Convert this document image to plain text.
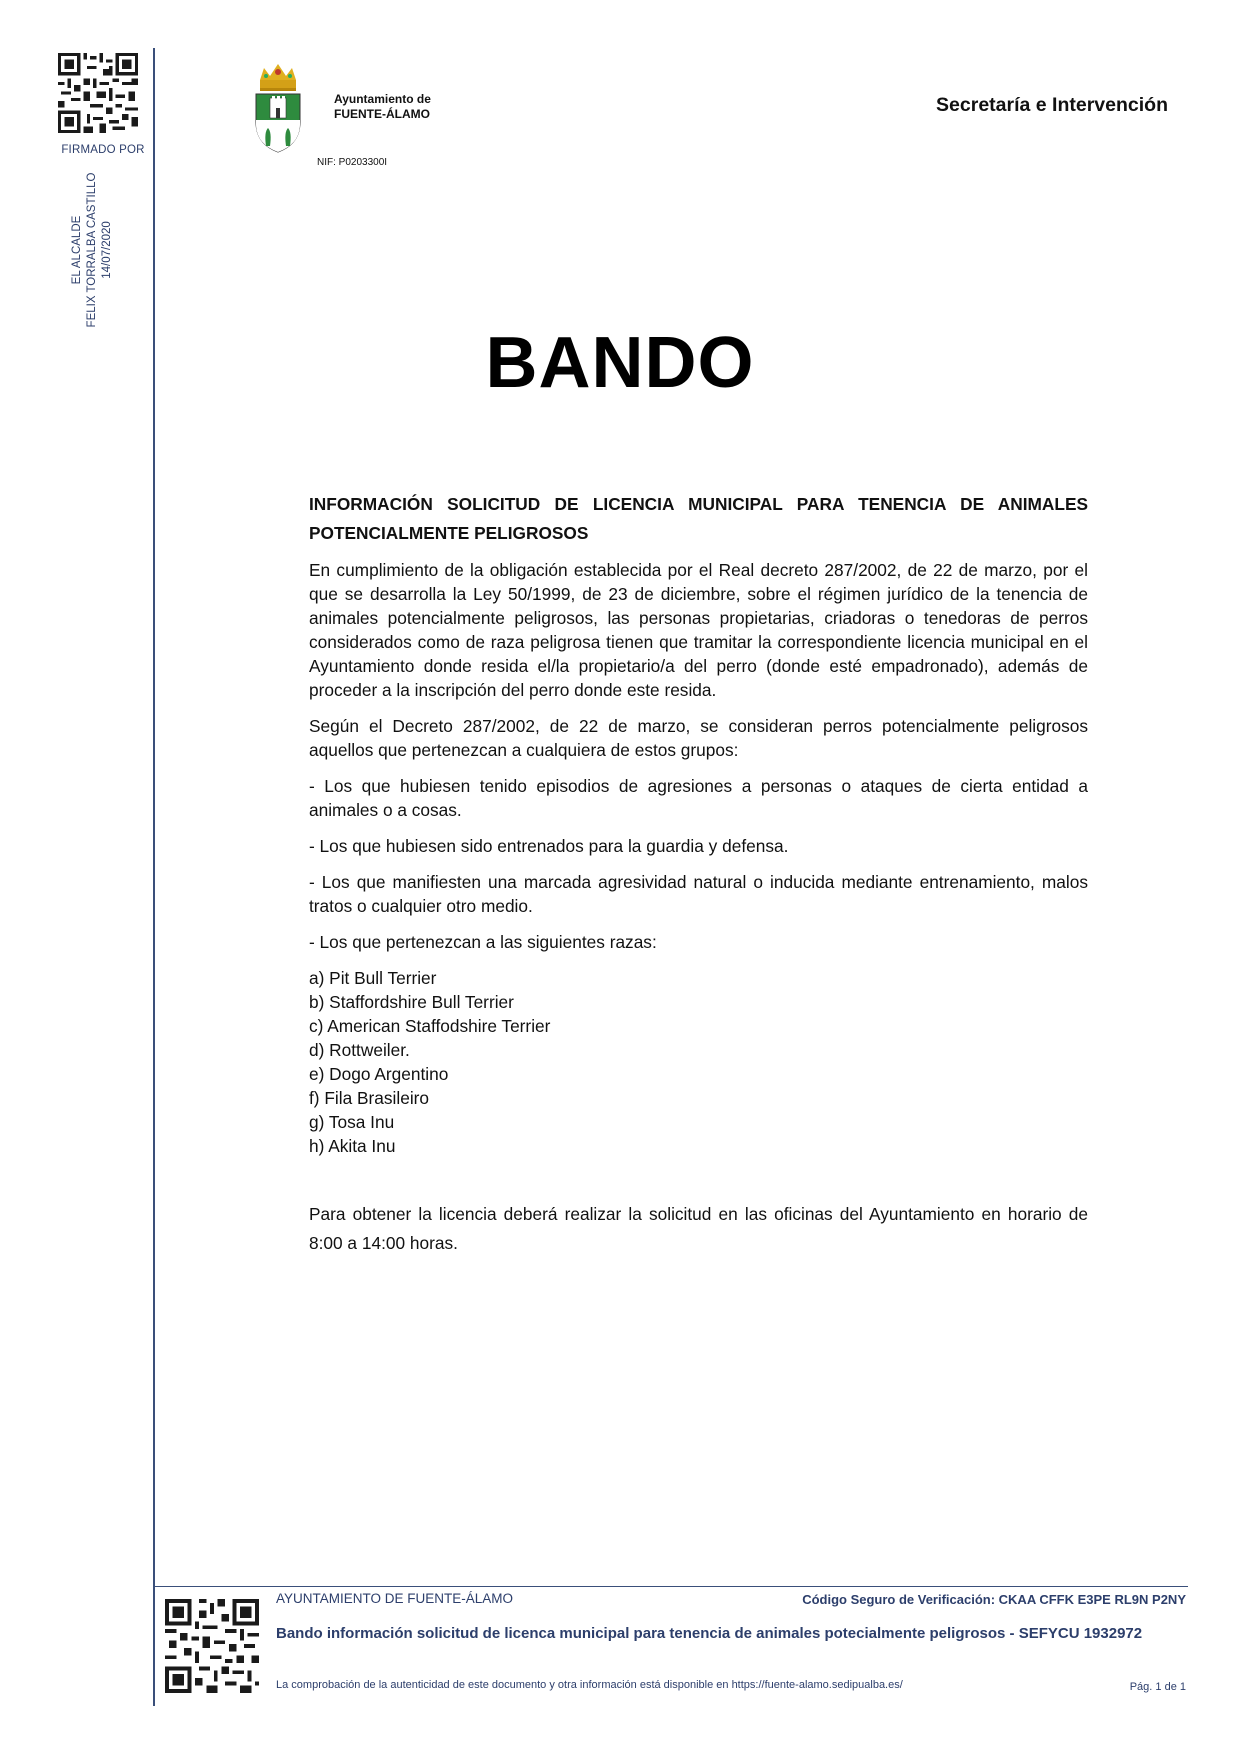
FIRMADO POR
EL ALCALDE FELIX TORRALBA CASTILLO 14/07/2020
Ayuntamiento de
FUENTE-ÁLAMO
NIF: P0203300I
Secretaría e Intervención
BANDO

INFORMACIÓN SOLICITUD DE LICENCIA MUNICIPAL PARA TENENCIA DE ANIMALES POTENCIALMENTE PELIGROSOS

En cumplimiento de la obligación establecida por el Real decreto 287/2002, de 22 de marzo, por el que se desarrolla la Ley 50/1999, de 23 de diciembre, sobre el régimen jurídico de la tenencia de animales potencialmente peligrosos, las personas propietarias, criadoras o tenedoras de perros considerados como de raza peligrosa tienen que tramitar la correspondiente licencia municipal en el Ayuntamiento donde resida el/la propietario/a del perro (donde esté empadronado), además de proceder a la inscripción del perro donde este resida.

Según el Decreto 287/2002, de 22 de marzo, se consideran perros potencialmente peligrosos aquellos que pertenezcan a cualquiera de estos grupos:

- Los que hubiesen tenido episodios de agresiones a personas o ataques de cierta entidad a animales o a cosas.

- Los que hubiesen sido entrenados para la guardia y defensa.

- Los que manifiesten una marcada agresividad natural o inducida mediante entrenamiento, malos tratos o cualquier otro medio.

- Los que pertenezcan a las siguientes razas:

a) Pit Bull Terrier
b) Staffordshire Bull Terrier
c) American Staffodshire Terrier
d) Rottweiler.
e) Dogo Argentino
f) Fila Brasileiro
g) Tosa Inu
h) Akita Inu

Para obtener la licencia deberá realizar la solicitud en las oficinas del Ayuntamiento en horario de 8:00 a 14:00 horas.

AYUNTAMIENTO DE FUENTE-ÁLAMO	Código Seguro de Verificación: CKAA CFFK E3PE RL9N P2NY
Bando información solicitud de licenca municipal para tenencia de animales potecialmente peligrosos - SEFYCU 1932972
La comprobación de la autenticidad de este documento y otra información está disponible en https://fuente-alamo.sedipualba.es/	Pág. 1 de 1
